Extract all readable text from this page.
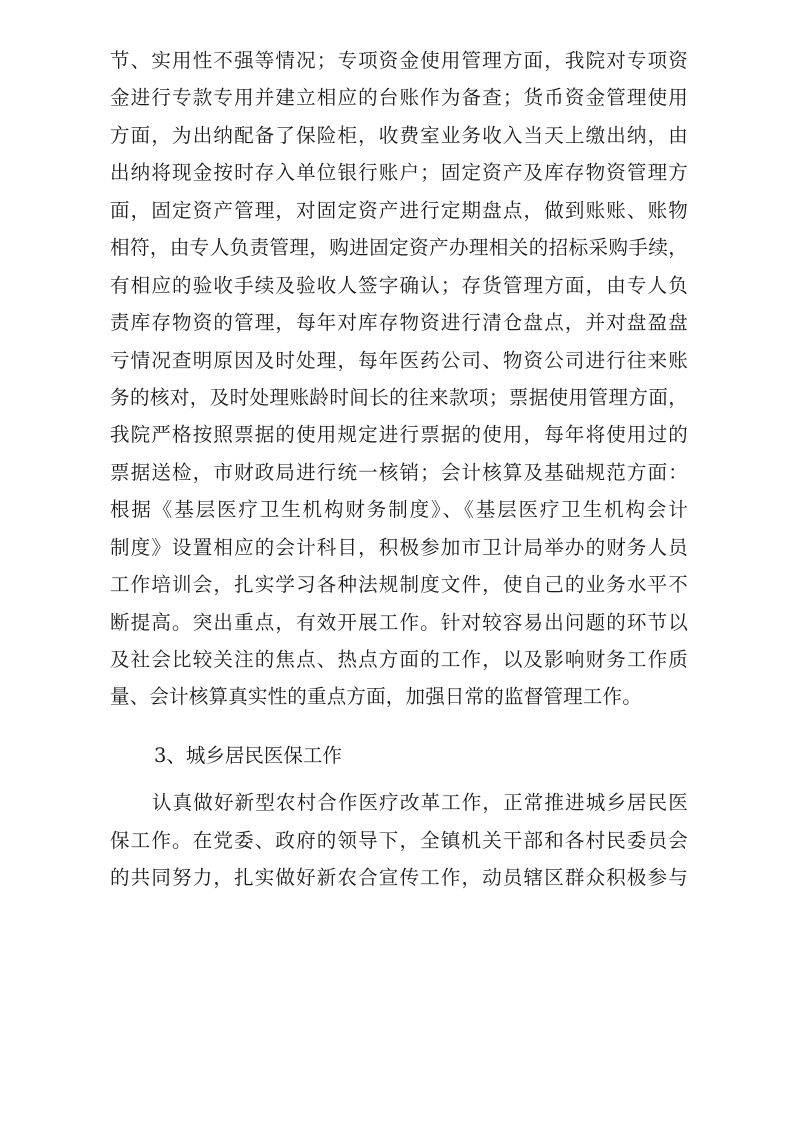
节、实用性不强等情况；专项资金使用管理方面，我院对专项资
金进行专款专用并建立相应的台账作为备查；货币资金管理使用
方面，为出纳配备了保险柜，收费室业务收入当天上缴出纳，由
出纳将现金按时存入单位银行账户；固定资产及库存物资管理方
面，固定资产管理，对固定资产进行定期盘点，做到账账、账物
相符，由专人负责管理，购进固定资产办理相关的招标采购手续，
有相应的验收手续及验收人签字确认；存货管理方面，由专人负
责库存物资的管理，每年对库存物资进行清仓盘点，并对盘盈盘
亏情况查明原因及时处理，每年医药公司、物资公司进行往来账
务的核对，及时处理账龄时间长的往来款项；票据使用管理方面，
我院严格按照票据的使用规定进行票据的使用，每年将使用过的
票据送检，市财政局进行统一核销；会计核算及基础规范方面：
根据《基层医疗卫生机构财务制度》、《基层医疗卫生机构会计
制度》设置相应的会计科目，积极参加市卫计局举办的财务人员
工作培训会，扎实学习各种法规制度文件，使自己的业务水平不
断提高。突出重点，有效开展工作。针对较容易出问题的环节以
及社会比较关注的焦点、热点方面的工作，以及影响财务工作质
量、会计核算真实性的重点方面，加强日常的监督管理工作。
3、城乡居民医保工作
认真做好新型农村合作医疗改革工作，正常推进城乡居民医
保工作。在党委、政府的领导下，全镇机关干部和各村民委员会
的共同努力，扎实做好新农合宣传工作，动员辖区群众积极参与
